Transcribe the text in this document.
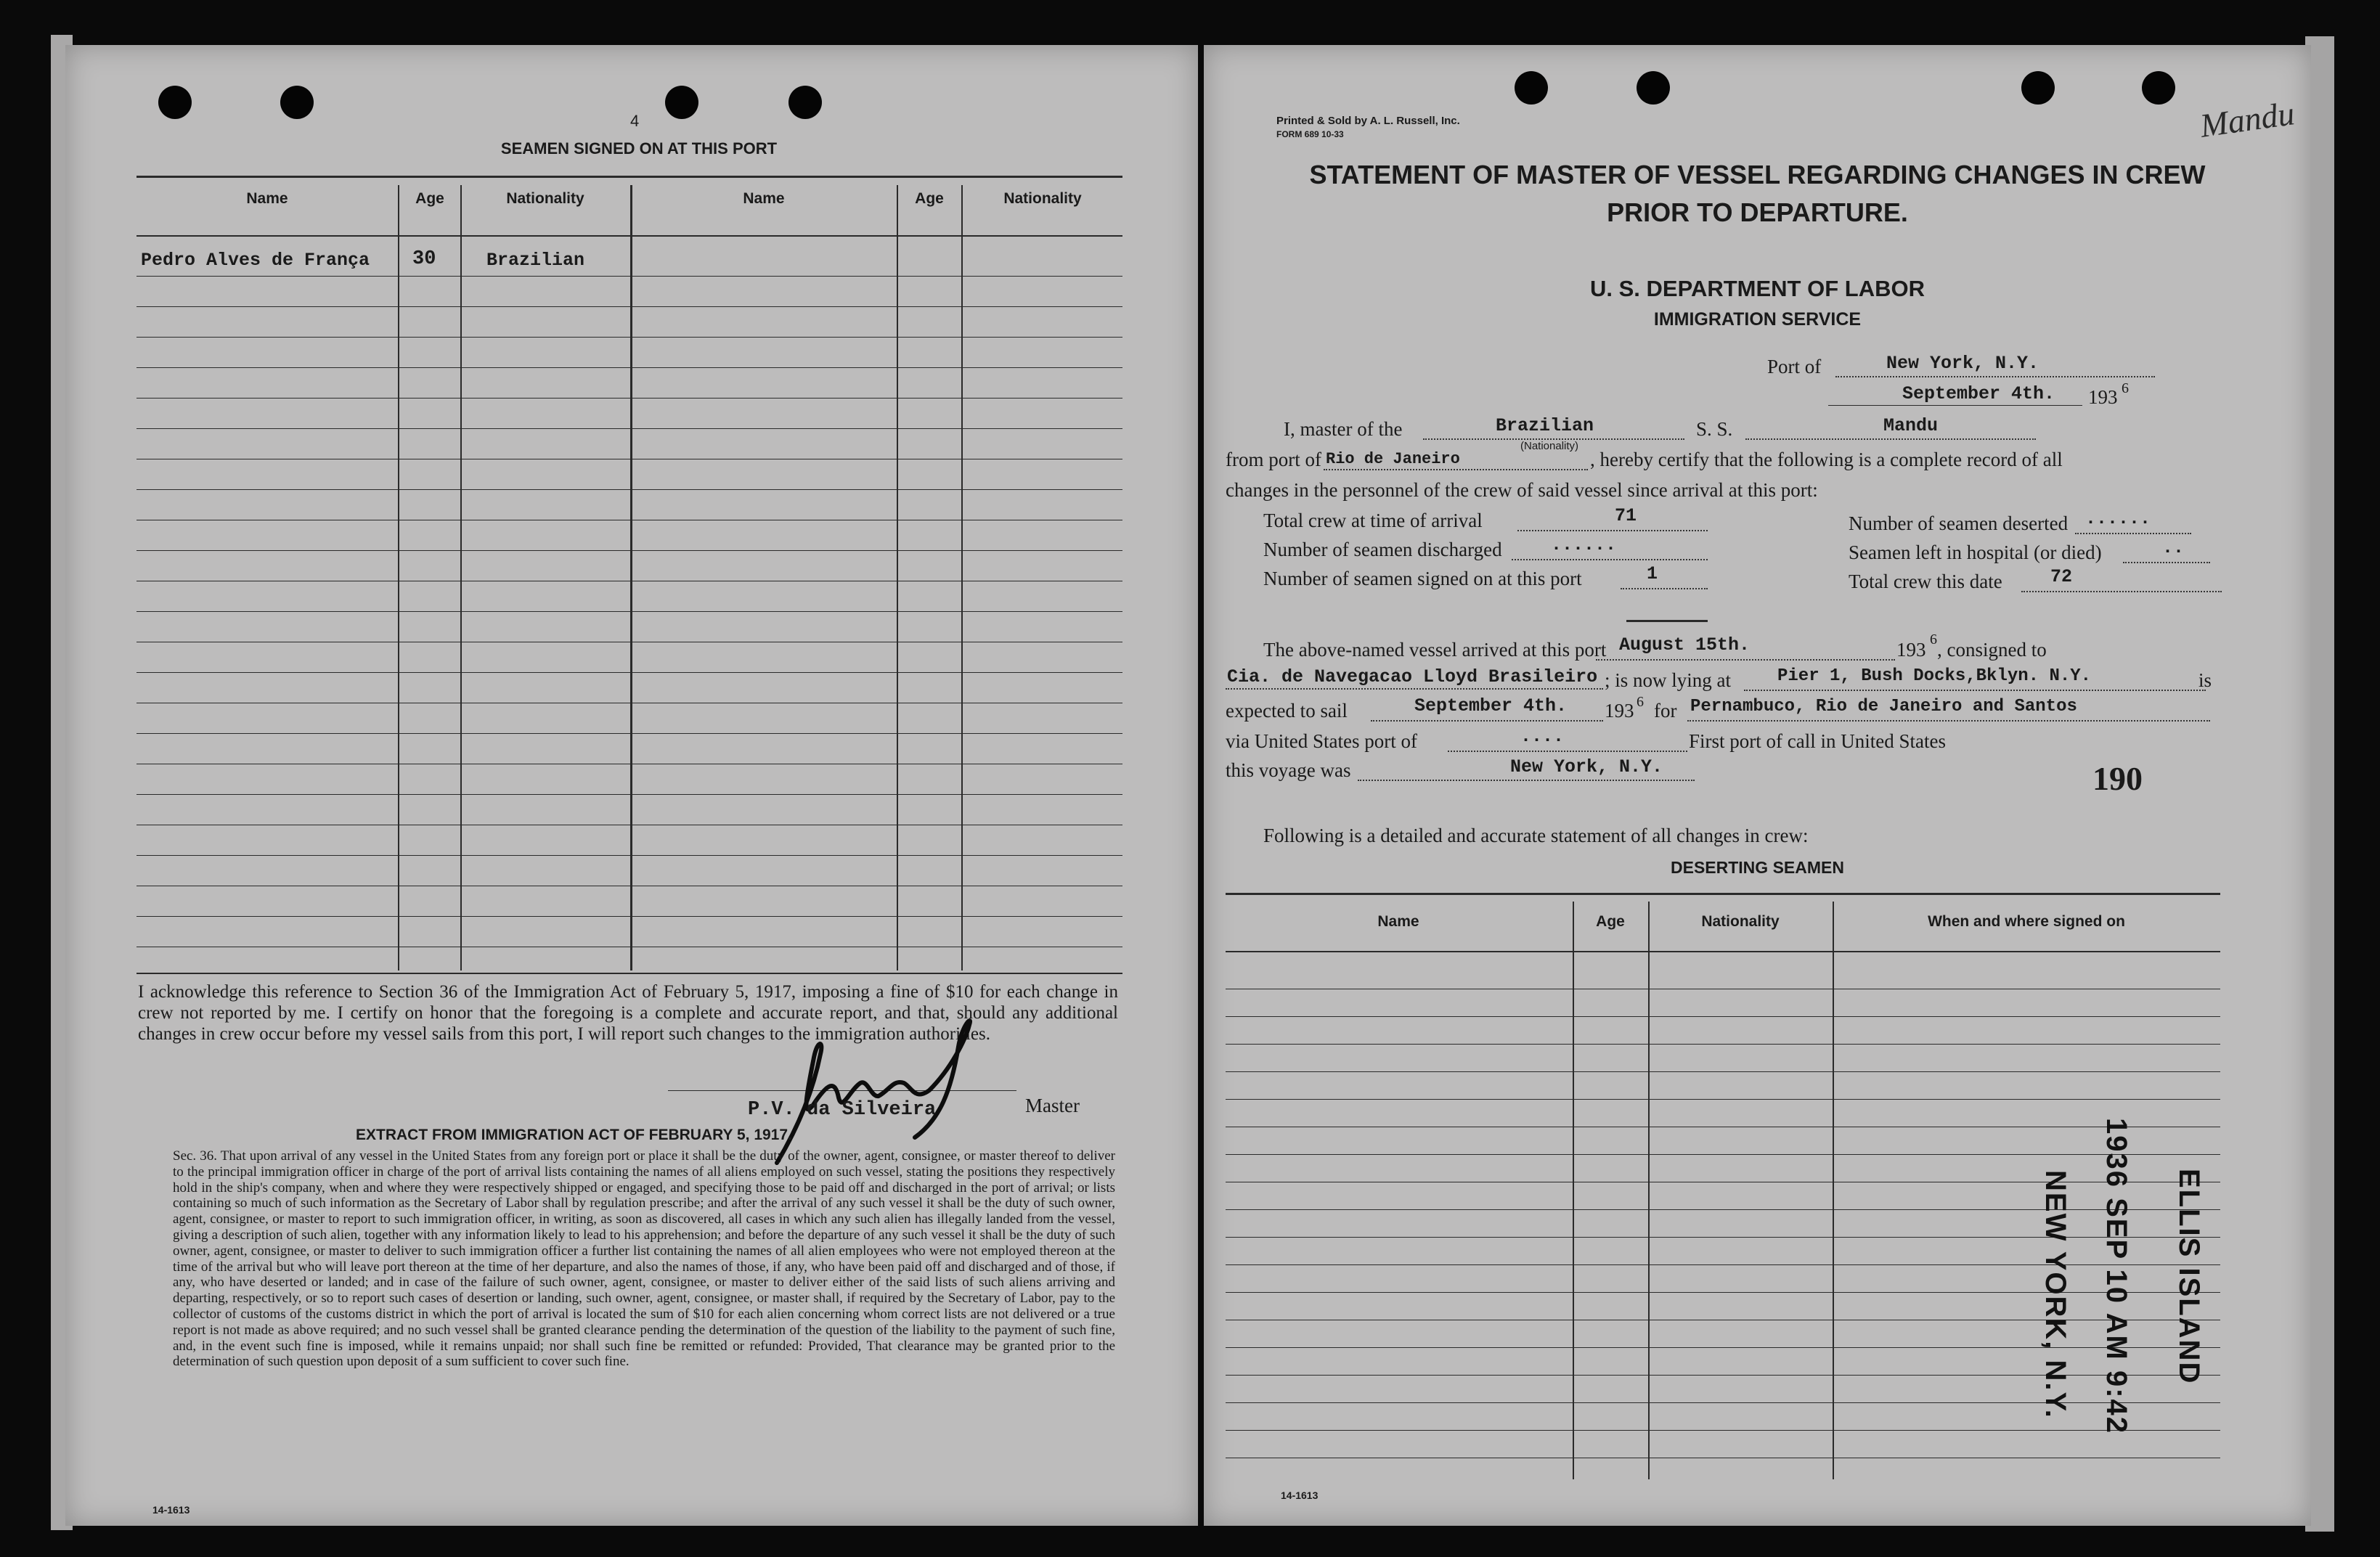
4
SEAMEN SIGNED ON AT THIS PORT
Name	Age	Nationality	Name	Age	Nationality
Pedro Alves de França 30	Brazilian
I acknowledge this reference to Section 36 of the Immigration Act of February 5, 1917, imposing a fine of $10 for each change in crew not reported by me. I certify on honor that the foregoing is a complete and accurate report, and that, should any additional changes in crew occur before my vessel sails from this port, I will report such changes to the immigration authorities.
P.V. da Silveira	Master
EXTRACT FROM IMMIGRATION ACT OF FEBRUARY 5, 1917.
Sec. 36. That upon arrival of any vessel in the United States from any foreign port or place it shall be the duty of the owner, agent, consignee, or master thereof to deliver to the principal immigration officer in charge of the port of arrival lists containing the names of all aliens employed on such vessel, stating the positions they respectively hold in the ship's company, when and where they were respectively shipped or engaged, and specifying those to be paid off and discharged in the port of arrival; or lists containing so much of such information as the Secretary of Labor shall by regulation prescribe; and after the arrival of any such vessel it shall be the duty of such owner, agent, consignee, or master to report to such immigration officer, in writing, as soon as discovered, all cases in which any such alien has illegally landed from the vessel, giving a description of such alien, together with any information likely to lead to his apprehension; and before the departure of any such vessel it shall be the duty of such owner, agent, consignee, or master to deliver to such immigration officer a further list containing the names of all alien employees who were not employed thereon at the time of the arrival but who will leave port thereon at the time of her departure, and also the names of those, if any, who have been paid off and discharged and of those, if any, who have deserted or landed; and in case of the failure of such owner, agent, consignee, or master to deliver either of the said lists of such aliens arriving and departing, respectively, or so to report such cases of desertion or landing, such owner, agent, consignee, or master shall, if required by the Secretary of Labor, pay to the collector of customs of the customs district in which the port of arrival is located the sum of $10 for each alien concerning whom correct lists are not delivered or a true report is not made as above required; and no such vessel shall be granted clearance pending the determination of the question of the liability to the payment of such fine, and, in the event such fine is imposed, while it remains unpaid; nor shall such fine be remitted or refunded: Provided, That clearance may be granted prior to the determination of such question upon deposit of a sum sufficient to cover such fine.
14-1613
Printed & Sold by A. L. Russell, Inc.
FORM 689 10-33	Mandu
STATEMENT OF MASTER OF VESSEL REGARDING CHANGES IN CREW
PRIOR TO DEPARTURE.
U. S. DEPARTMENT OF LABOR
IMMIGRATION SERVICE
Port of	New York, N.Y.
September 4th. 193 6
I, master of the	Brazilian
(Nationality)
S. S.	Mandu
from port of Rio de Janeiro	, hereby certify that the following is a complete record of all
changes in the personnel of the crew of said vessel since arrival at this port:
Total crew at time of arrival	71
Number of seamen discharged	......
Number of seamen signed on at this port	1
Number of seamen deserted ......
Seamen left in hospital (or died)	..
Total crew this date	72
The above-named vessel arrived at this port August 15th.	193 6 , consigned to
Cia. de Navegacao Lloyd Brasileiro ; is now lying at	Pier 1, Bush Docks,Bklyn. N.Y.	is
expected to sail	September 4th. 193 6 for Pernambuco, Rio de Janeiro and Santos
via United States port of	....	First port of call in United States
this voyage was	New York, N.Y.	190
Following is a detailed and accurate statement of all changes in crew:
DESERTING SEAMEN
Name	Age	Nationality	When and where signed on
ELLIS ISLAND
1936 SEP 10 AM 9:42
NEW YORK, N.Y.
14-1613
